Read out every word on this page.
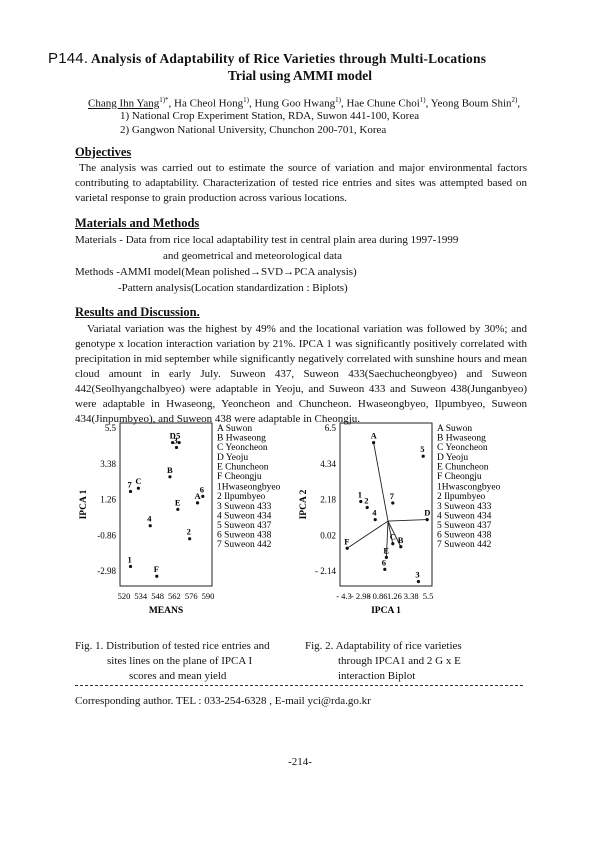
P144. Analysis of Adaptability of Rice Varieties through Multi-Locations
Trial using AMMI model
Chang Ihn Yang$^{1)*}$, Ha Cheol Hong$^{1)}$, Hung Goo Hwang$^{1)}$, Hae Chune Choi$^{1)}$, Yeong Boum Shin$^{2)}$,
1) National Crop Experiment Station, RDA, Suwon 441-100, Korea
2) Gangwon National University, Chunchon 200-701, Korea
Objectives
The analysis was carried out to estimate the source of variation and major environmental factors contributing to adaptability. Characterization of tested rice entries and sites was attempted based on varietal response to grain production across various locations.
Materials and Methods
Materials - Data from rice local adaptability test in central plain area during 1997-1999
and geometrical and meteorological data
Methods -AMMI model(Mean polished→SVD→PCA analysis)
-Pattern analysis(Location standardization : Biplots)
Results and Discussion.
Variatal variation was the highest by 49% and the locational variation was followed by 30%; and genotype x location interaction variation by 21%. IPCA 1 was significantly positively correlated with precipitation in mid september while significantly negatively correlated with sunshine hours and mean cloud amount in early July. Suweon 437, Suweon 433(Saechucheongbyeo) and Suweon 442(Seolhyangchalbyeo) were adaptable in Yeoju, and Suweon 433 and Suweon 438(Junganbyeo) were adaptable in Hwaseong, Yeoncheon and Chuncheon. Hwaseongbyeo, Ilpumbyeo, Suweon 434(Jinpumbyeo), and Suweon 438 were adaptable in Cheongju.
5.5
3.38
1.26
-0.86
-2.98
520 534 548 562 576 590
MEANS
IPCA 1	A
B
C
D
E
F
1
2
3
4
5
6
7
A Suwon
B Hwaseong
C Yeoncheon
D Yeoju
E Chuncheon
F Cheongju
1Hwaseongbyeo
2 Ilpumbyeo
3 Suweon 433
4 Suweon 434
5 Suweon 437
6 Suweon 438
7 Suweon 442
6.5
4.34
2.18
0.02
- 2.14
- 4.3 - 2.98
- 0.86 1.26 3.38 5.5
IPCA 1
IPCA 2
A
B
C
D
E
F
1
2
3
4
5
6
7
A Suwon
B Hwaseong
C Yeoncheon
D Yeoju
E Chuncheon
F Cheongju
1Hwascongbyeo
2 Ilpumbyeo
3 Suweon 433
4 Suweon 434
5 Suweon 437
6 Suweon 438
7 Suweon 442
Fig. 1. Distribution of tested rice entries and
sites lines on the plane of IPCA I
scores and mean yield
Fig. 2. Adaptability of rice varieties
through IPCA1 and 2 G x E
interaction Biplot
Corresponding author. TEL : 033-254-6328 , E-mail yci@rda.go.kr
-214-
